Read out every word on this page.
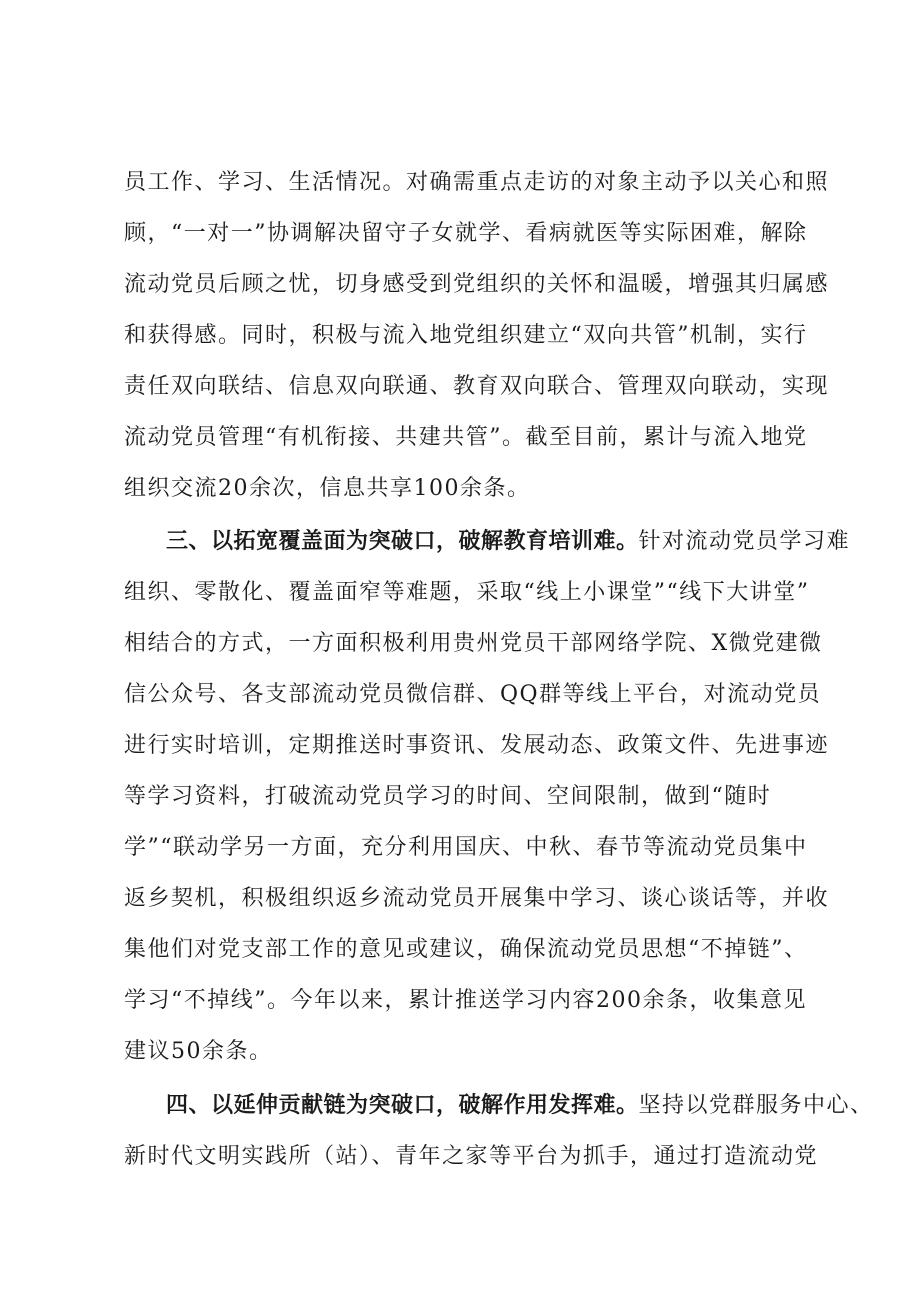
员工作、学习、生活情况。对确需重点走访的对象主动予以关心和照
顾，“一对一”协调解决留守子女就学、看病就医等实际困难，解除
流动党员后顾之忧，切身感受到党组织的关怀和温暖，增强其归属感
和获得感。同时，积极与流入地党组织建立“双向共管”机制，实行
责任双向联结、信息双向联通、教育双向联合、管理双向联动，实现
流动党员管理“有机衔接、共建共管”。截至目前，累计与流入地党
组织交流20余次，信息共享100余条。
三、以拓宽覆盖面为突破口，破解教育培训难。针对流动党员学习难
组织、零散化、覆盖面窄等难题，采取“线上小课堂”“线下大讲堂”
相结合的方式，一方面积极利用贵州党员干部网络学院、X微党建微
信公众号、各支部流动党员微信群、QQ群等线上平台，对流动党员
进行实时培训，定期推送时事资讯、发展动态、政策文件、先进事迹
等学习资料，打破流动党员学习的时间、空间限制，做到“随时
学”“联动学另一方面，充分利用国庆、中秋、春节等流动党员集中
返乡契机，积极组织返乡流动党员开展集中学习、谈心谈话等，并收
集他们对党支部工作的意见或建议，确保流动党员思想“不掉链”、
学习“不掉线”。今年以来，累计推送学习内容200余条，收集意见
建议50余条。
四、以延伸贡献链为突破口，破解作用发挥难。坚持以党群服务中心、
新时代文明实践所（站）、青年之家等平台为抓手，通过打造流动党
